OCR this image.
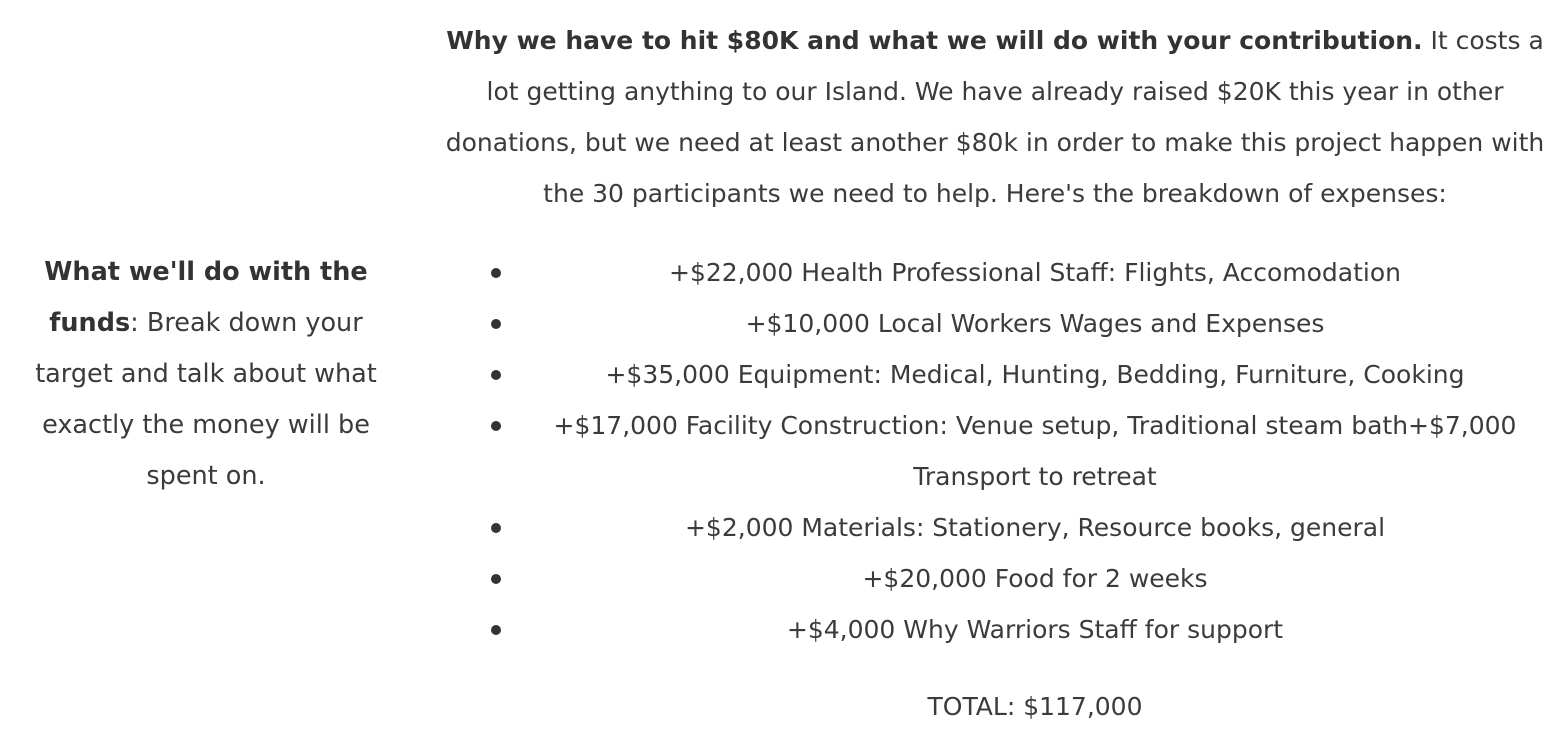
What we'll do with the funds: Break down your target and talk about what exactly the money will be spent on.

Why we have to hit $80K and what we will do with your contribution. It costs a lot getting anything to our Island. We have already raised $20K this year in other donations, but we need at least another $80k in order to make this project happen with the 30 participants we need to help. Here's the breakdown of expenses:

+$22,000 Health Professional Staff: Flights, Accomodation
+$10,000 Local Workers Wages and Expenses
+$35,000 Equipment: Medical, Hunting, Bedding, Furniture, Cooking
+$17,000 Facility Construction: Venue setup, Traditional steam bath+$7,000 Transport to retreat
+$2,000 Materials: Stationery, Resource books, general
+$20,000 Food for 2 weeks
+$4,000 Why Warriors Staff for support

TOTAL: $117,000
